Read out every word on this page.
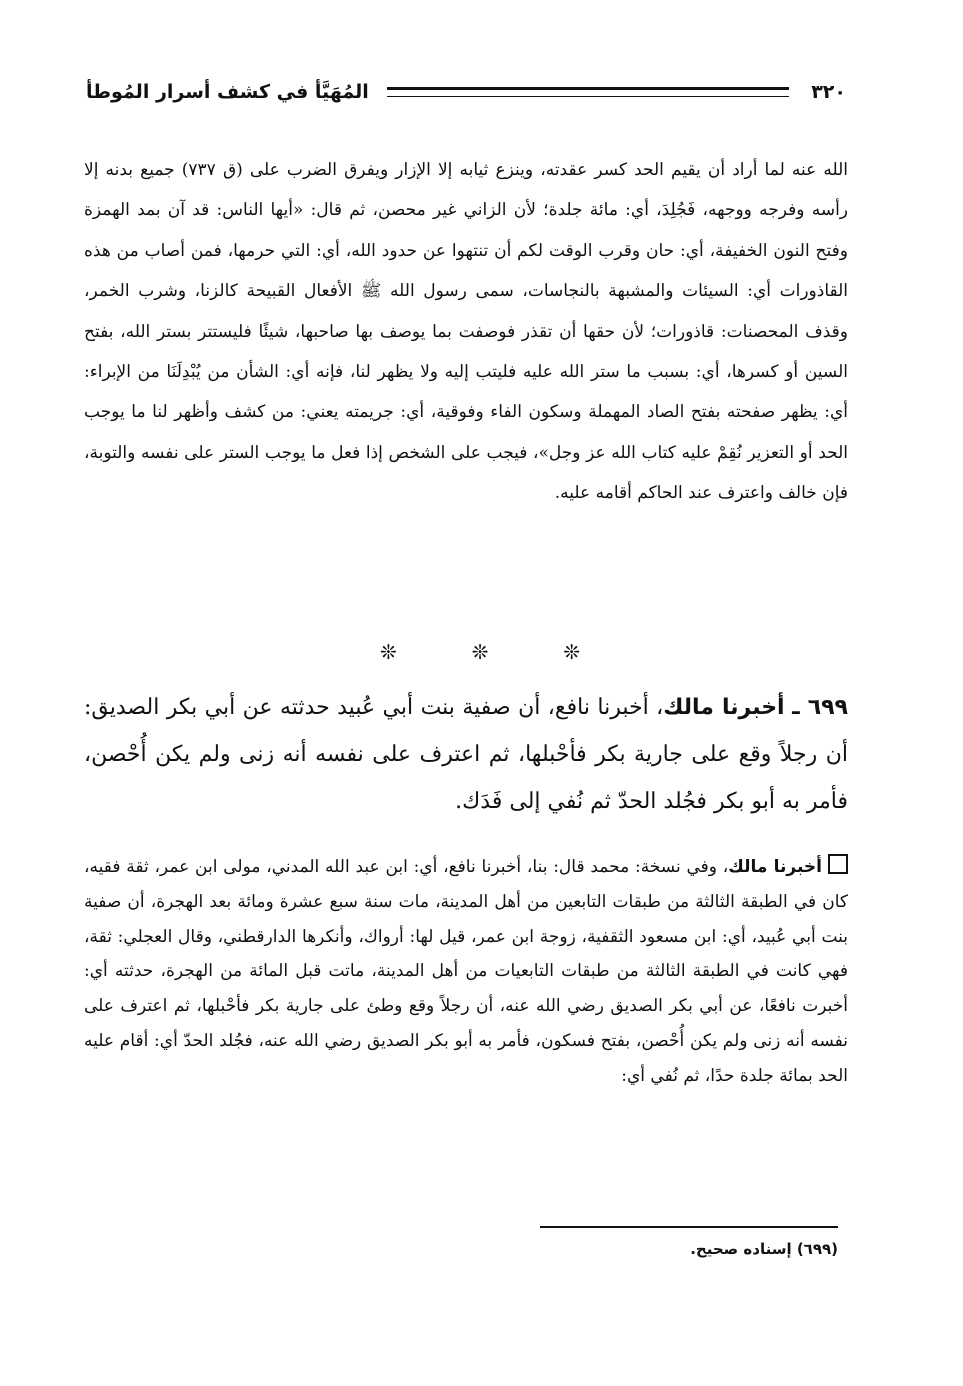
٣٢٠
المُهَيَّأ في كشف أسرار المُوطأ
الله عنه لما أراد أن يقيم الحد كسر عقدته، وينزع ثيابه إلا الإزار ويفرق الضرب على (ق ٧٣٧) جميع بدنه إلا رأسه وفرجه ووجهه، فَجُلِدَ، أي: مائة جلدة؛ لأن الزاني غير محصن، ثم قال: «أيها الناس: قد آن بمد الهمزة وفتح النون الخفيفة، أي: حان وقرب الوقت لكم أن تنتهوا عن حدود الله، أي: التي حرمها، فمن أصاب من هذه القاذورات أي: السيئات والمشبهة بالنجاسات، سمى رسول الله ﷺ الأفعال القبيحة كالزنا، وشرب الخمر، وقذف المحصنات: قاذورات؛ لأن حقها أن تقذر فوصفت بما يوصف بها صاحبها، شيئًا فليستتر بستر الله، بفتح السين أو كسرها، أي: بسبب ما ستر الله عليه فليتب إليه ولا يظهر لنا، فإنه أي: الشأن من يُبْدِلَنَا من الإبراء: أي: يظهر صفحته بفتح الصاد المهملة وسكون الفاء وفوقية، أي: جريمته يعني: من كشف وأظهر لنا ما يوجب الحد أو التعزير نُقِمْ عليه كتاب الله عز وجل»، فيجب على الشخص إذا فعل ما يوجب الستر على نفسه والتوبة، فإن خالف واعترف عند الحاكم أقامه عليه.
❊
❊
❊
٦٩٩ ـ أخبرنا مالك، أخبرنا نافع، أن صفية بنت أبي عُبيد حدثته عن أبي بكر الصديق: أن رجلاً وقع على جارية بكر فأحْبلها، ثم اعترف على نفسه أنه زنى ولم يكن أُحْصن، فأمر به أبو بكر فجُلد الحدّ ثم نُفي إلى فَدَك.
أخبرنا مالك، وفي نسخة: محمد قال: بنا، أخبرنا نافع، أي: ابن عبد الله المدني، مولى ابن عمر، ثقة فقيه، كان في الطبقة الثالثة من طبقات التابعين من أهل المدينة، مات سنة سبع عشرة ومائة بعد الهجرة، أن صفية بنت أبي عُبيد، أي: ابن مسعود الثقفية، زوجة ابن عمر، قيل لها: أرواك، وأنكرها الدارقطني، وقال العجلي: ثقة، فهي كانت في الطبقة الثالثة من طبقات التابعيات من أهل المدينة، ماتت قبل المائة من الهجرة، حدثته أي: أخبرت نافعًا، عن أبي بكر الصديق رضي الله عنه، أن رجلاً وقع وطئ على جارية بكر فأحْبلها، ثم اعترف على نفسه أنه زنى ولم يكن أُحْصن، بفتح فسكون، فأمر به أبو بكر الصديق رضي الله عنه، فجُلد الحدّ أي: أقام عليه الحد بمائة جلدة حدًا، ثم نُفي أي:
(٦٩٩) إسناده صحيح.
